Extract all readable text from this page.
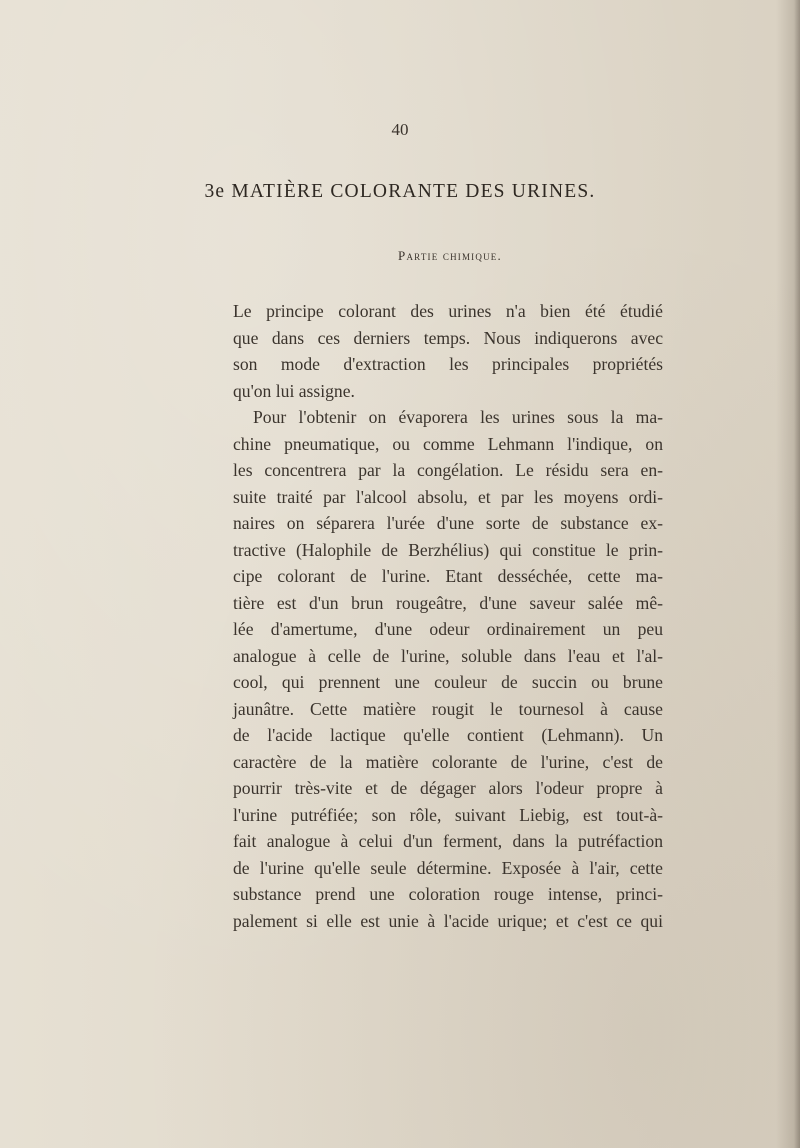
40
3e MATIÈRE COLORANTE DES URINES.
Partie chimique.
Le principe colorant des urines n'a bien été étudié
que dans ces derniers temps. Nous indiquerons avec
son mode d'extraction les principales propriétés
qu'on lui assigne.
Pour l'obtenir on évaporera les urines sous la ma-
chine pneumatique, ou comme Lehmann l'indique, on
les concentrera par la congélation. Le résidu sera en-
suite traité par l'alcool absolu, et par les moyens ordi-
naires on séparera l'urée d'une sorte de substance ex-
tractive (Halophile de Berzhélius) qui constitue le prin-
cipe colorant de l'urine. Etant desséchée, cette ma-
tière est d'un brun rougeâtre, d'une saveur salée mê-
lée d'amertume, d'une odeur ordinairement un peu
analogue à celle de l'urine, soluble dans l'eau et l'al-
cool, qui prennent une couleur de succin ou brune
jaunâtre. Cette matière rougit le tournesol à cause
de l'acide lactique qu'elle contient (Lehmann). Un
caractère de la matière colorante de l'urine, c'est de
pourrir très-vite et de dégager alors l'odeur propre à
l'urine putréfiée; son rôle, suivant Liebig, est tout-à-
fait analogue à celui d'un ferment, dans la putréfaction
de l'urine qu'elle seule détermine. Exposée à l'air, cette
substance prend une coloration rouge intense, princi-
palement si elle est unie à l'acide urique; et c'est ce qui
